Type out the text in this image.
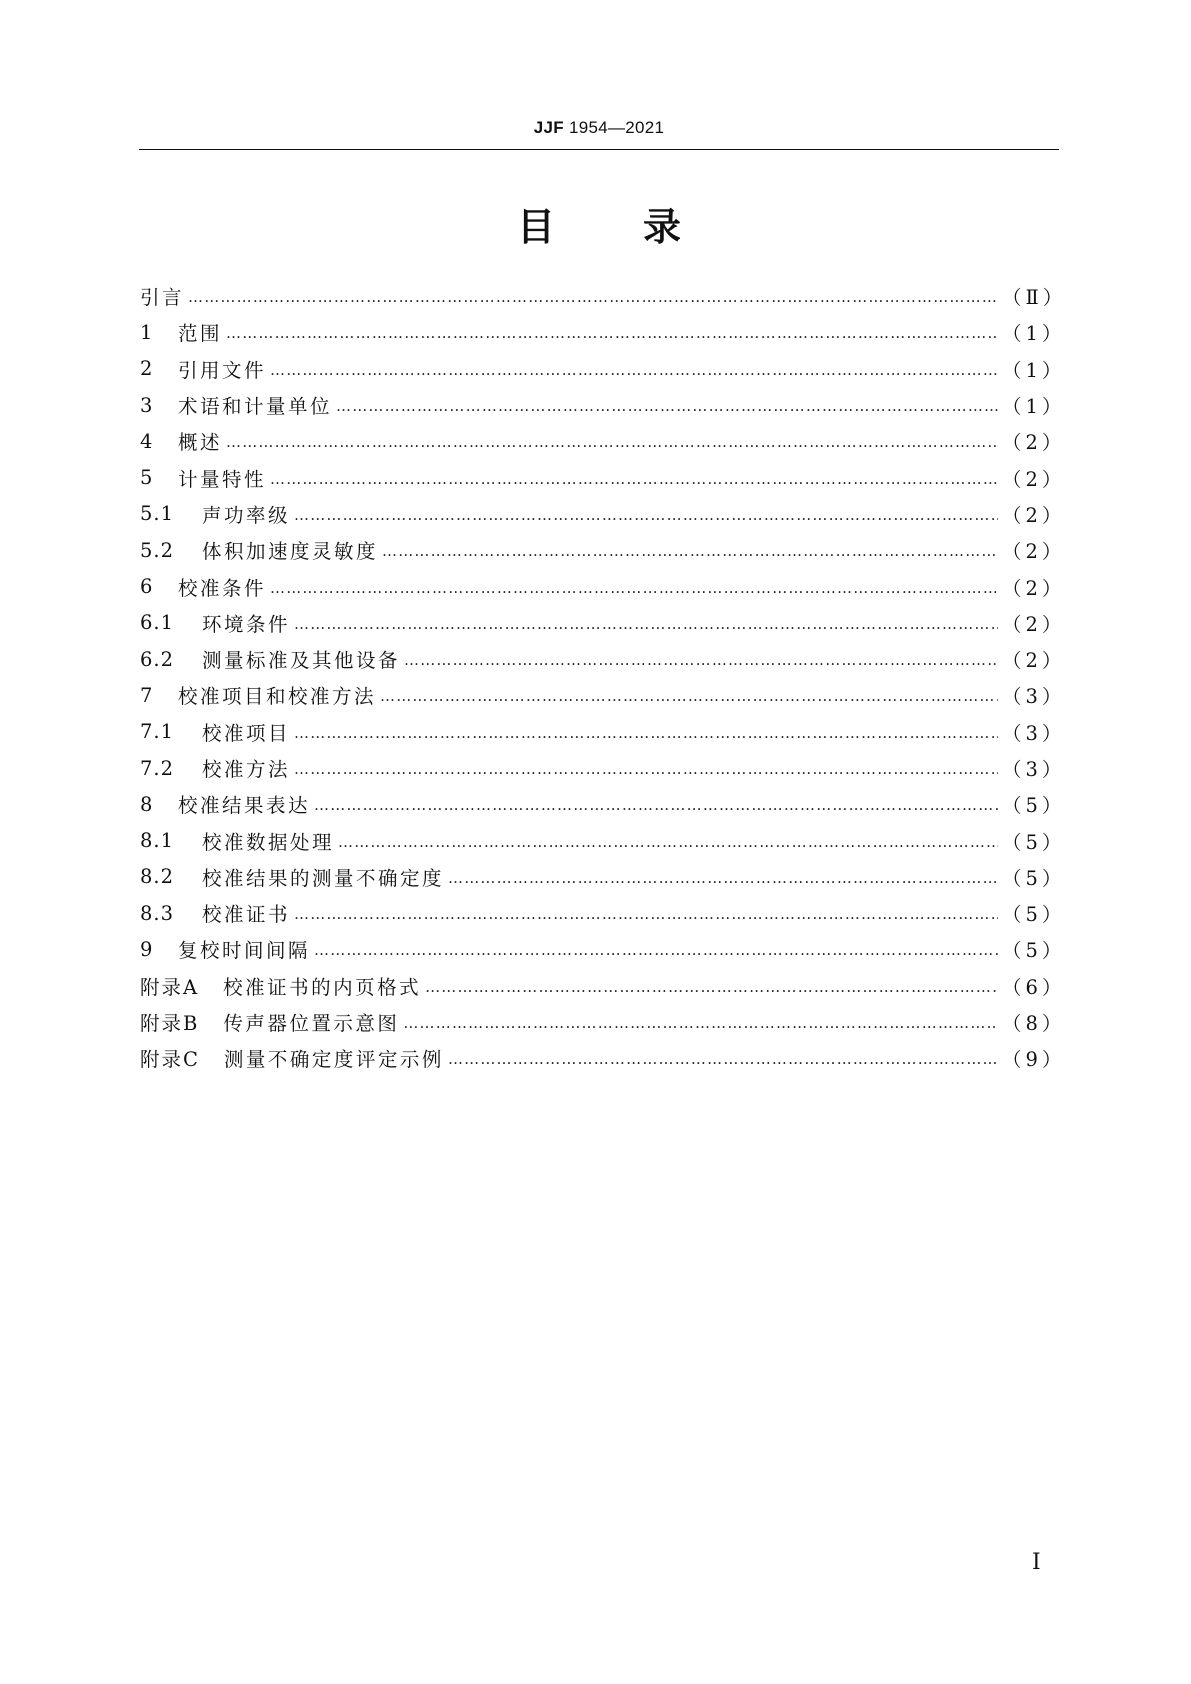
JJF 1954—2021
目 录
引言 ……………………………………………………………………………………………………………………………………………………………………………………………………………………	（Ⅱ）
1	范围 ……………………………………………………………………………………………………………………………………………………………………………………………………………………	（1）
2	引用文件 ……………………………………………………………………………………………………………………………………………………………………………………………………………………	（1）
3	术语和计量单位 ……………………………………………………………………………………………………………………………………………………………………………………………………………………	（1）
4	概述 ……………………………………………………………………………………………………………………………………………………………………………………………………………………	（2）
5	计量特性 ……………………………………………………………………………………………………………………………………………………………………………………………………………………	（2）
5.1	声功率级 ……………………………………………………………………………………………………………………………………………………………………………………………………………………	（2）
5.2	体积加速度灵敏度 ……………………………………………………………………………………………………………………………………………………………………………………………………………………	（2）
6	校准条件 ……………………………………………………………………………………………………………………………………………………………………………………………………………………	（2）
6.1	环境条件 ……………………………………………………………………………………………………………………………………………………………………………………………………………………	（2）
6.2	测量标准及其他设备 ……………………………………………………………………………………………………………………………………………………………………………………………………………………	（2）
7	校准项目和校准方法 ……………………………………………………………………………………………………………………………………………………………………………………………………………………	（3）
7.1	校准项目 ……………………………………………………………………………………………………………………………………………………………………………………………………………………	（3）
7.2	校准方法 ……………………………………………………………………………………………………………………………………………………………………………………………………………………	（3）
8	校准结果表达 ……………………………………………………………………………………………………………………………………………………………………………………………………………………	（5）
8.1	校准数据处理 ……………………………………………………………………………………………………………………………………………………………………………………………………………………	（5）
8.2	校准结果的测量不确定度 ……………………………………………………………………………………………………………………………………………………………………………………………………………………	（5）
8.3	校准证书 ……………………………………………………………………………………………………………………………………………………………………………………………………………………	（5）
9	复校时间间隔 ……………………………………………………………………………………………………………………………………………………………………………………………………………………	（5）
附录A 校准证书的内页格式 ……………………………………………………………………………………………………………………………………………………………………………………………………………………	（6）
附录B 传声器位置示意图 ……………………………………………………………………………………………………………………………………………………………………………………………………………………	（8）
附录C 测量不确定度评定示例 ……………………………………………………………………………………………………………………………………………………………………………………………………………………	（9）
Ⅰ
